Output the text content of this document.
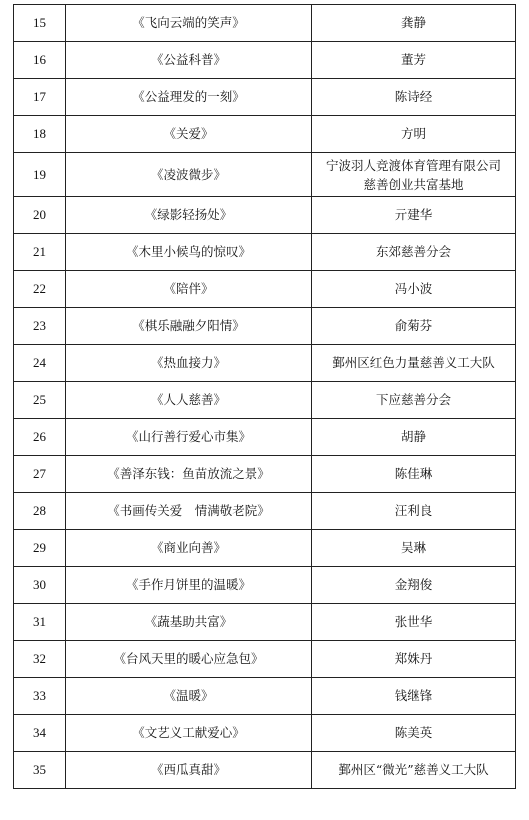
15	《飞向云端的笑声》	龚静
16	《公益科普》	董芳
17	《公益理发的一刻》	陈诗经
18	《关爱》	方明
19	《凌波微步》	宁波羽人竞渡体育管理有限公司
慈善创业共富基地
20	《绿影轻扬处》	亓建华
21	《木里小候鸟的惊叹》	东郊慈善分会
22	《陪伴》	冯小波
23	《棋乐融融夕阳情》	俞菊芬
24	《热血接力》	鄞州区红色力量慈善义工大队
25	《人人慈善》	下应慈善分会
26	《山行善行爱心市集》	胡静
27	《善泽东钱：鱼苗放流之景》	陈佳琳
28	《书画传关爱　情满敬老院》	汪利良
29	《商业向善》	吴琳
30	《手作月饼里的温暖》	金翔俊
31	《蔬基助共富》	张世华
32	《台风天里的暖心应急包》	郑姝丹
33	《温暖》	钱继锋
34	《文艺义工献爱心》	陈美英
35	《西瓜真甜》	鄞州区“微光”慈善义工大队
